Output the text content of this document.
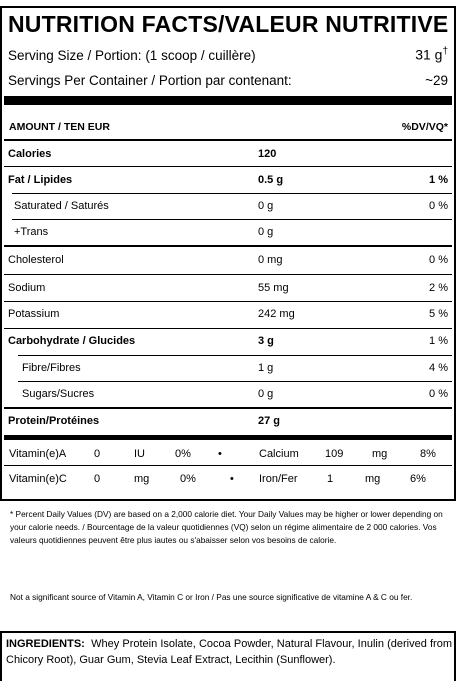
NUTRITION FACTS/VALEUR NUTRITIVE
Serving Size / Portion: (1 scoop / cuillère)	31 g†
Servings Per Container / Portion par contenant:	~29
AMOUNT / TEN EUR	%DV/VQ*
Calories	120
Fat / Lipides	0.5 g	1 %
Saturated / Saturés	0 g	0 %
+Trans	0 g
Cholesterol	0 mg	0 %
Sodium	55 mg	2 %
Potassium	242 mg	5 %
Carbohydrate / Glucides	3 g	1 %
Fibre/Fibres	1 g	4 %
Sugars/Sucres	0 g	0 %
Protein/Protéines	27 g
Vitamin(e)A	0	IU	0% •	Calcium 109	mg	8%
Vitamin(e)C 0	mg	0%	• Iron/Fer	1	mg	6%
* Percent Daily Values (DV) are based on a 2,000 calorie diet. Your Daily Values may be higher or lower depending on your calorie needs. / Bourcentage de la valeur quotidiennes (VQ) selon un régime alimentaire de 2 000 calories. Vos valeurs quotidiennes peuvent être plus iautes ou s'abaisser selon vos besoins de calorie.
Not a significant source of Vitamin A, Vitamin C or Iron / Pas une source significative de vitamine A & C ou fer.
INGREDIENTS: Whey Protein Isolate, Cocoa Powder, Natural Flavour, Inulin (derived from Chicory Root), Guar Gum, Stevia Leaf Extract, Lecithin (Sunflower).
